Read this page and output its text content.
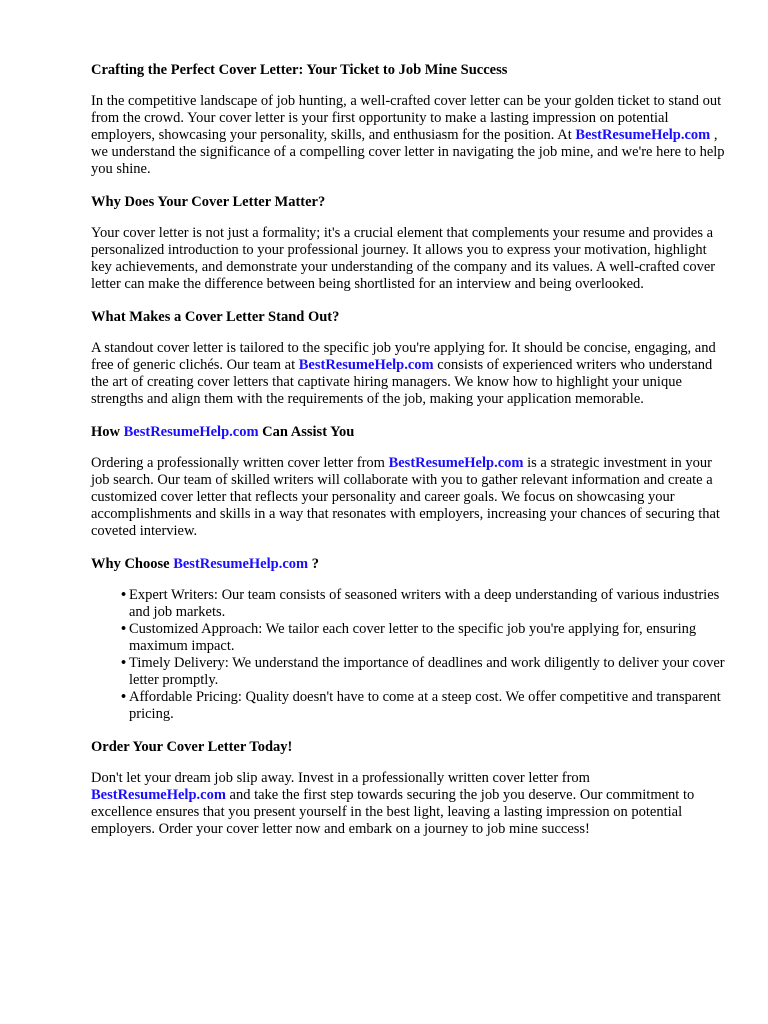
Crafting the Perfect Cover Letter: Your Ticket to Job Mine Success

In the competitive landscape of job hunting, a well-crafted cover letter can be your golden ticket to stand out from the crowd. Your cover letter is your first opportunity to make a lasting impression on potential employers, showcasing your personality, skills, and enthusiasm for the position. At BestResumeHelp.com , we understand the significance of a compelling cover letter in navigating the job mine, and we're here to help you shine.

Why Does Your Cover Letter Matter?

Your cover letter is not just a formality; it's a crucial element that complements your resume and provides a personalized introduction to your professional journey. It allows you to express your motivation, highlight key achievements, and demonstrate your understanding of the company and its values. A well-crafted cover letter can make the difference between being shortlisted for an interview and being overlooked.

What Makes a Cover Letter Stand Out?

A standout cover letter is tailored to the specific job you're applying for. It should be concise, engaging, and free of generic clichés. Our team at BestResumeHelp.com consists of experienced writers who understand the art of creating cover letters that captivate hiring managers. We know how to highlight your unique strengths and align them with the requirements of the job, making your application memorable.

How BestResumeHelp.com Can Assist You

Ordering a professionally written cover letter from BestResumeHelp.com is a strategic investment in your job search. Our team of skilled writers will collaborate with you to gather relevant information and create a customized cover letter that reflects your personality and career goals. We focus on showcasing your accomplishments and skills in a way that resonates with employers, increasing your chances of securing that coveted interview.

Why Choose BestResumeHelp.com ?
• Expert Writers: Our team consists of seasoned writers with a deep understanding of various industries and job markets.
• Customized Approach: We tailor each cover letter to the specific job you're applying for, ensuring maximum impact.
• Timely Delivery: We understand the importance of deadlines and work diligently to deliver your cover letter promptly.
• Affordable Pricing: Quality doesn't have to come at a steep cost. We offer competitive and transparent pricing.
Order Your Cover Letter Today!

Don't let your dream job slip away. Invest in a professionally written cover letter from BestResumeHelp.com and take the first step towards securing the job you deserve. Our commitment to excellence ensures that you present yourself in the best light, leaving a lasting impression on potential employers. Order your cover letter now and embark on a journey to job mine success!
